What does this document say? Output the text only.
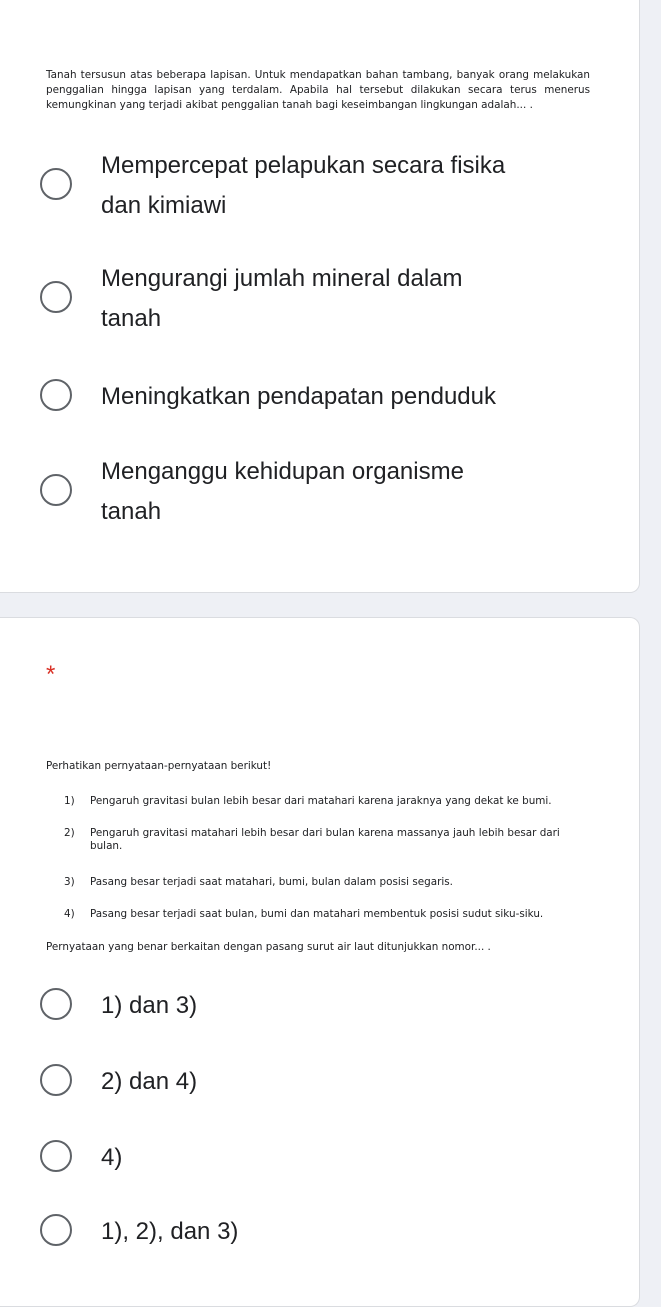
Tanah tersusun atas beberapa lapisan. Untuk mendapatkan bahan tambang, banyak orang melakukan penggalian hingga lapisan yang terdalam. Apabila hal tersebut dilakukan secara terus menerus kemungkinan yang terjadi akibat penggalian tanah bagi keseimbangan lingkungan adalah... .

Mempercepat pelapukan secara fisika
dan kimiawi
Mengurangi jumlah mineral dalam
tanah
Meningkatkan pendapatan penduduk
Menganggu kehidupan organisme
tanah
*

Perhatikan pernyataan-pernyataan berikut!

1) Pengaruh gravitasi bulan lebih besar dari matahari karena jaraknya yang dekat ke bumi.
2) Pengaruh gravitasi matahari lebih besar dari bulan karena massanya jauh lebih besar dari bulan.
3) Pasang besar terjadi saat matahari, bumi, bulan dalam posisi segaris.
4) Pasang besar terjadi saat bulan, bumi dan matahari membentuk posisi sudut siku-siku.

Pernyataan yang benar berkaitan dengan pasang surut air laut ditunjukkan nomor... .

1) dan 3)
2) dan 4)
4)
1), 2), dan 3)
